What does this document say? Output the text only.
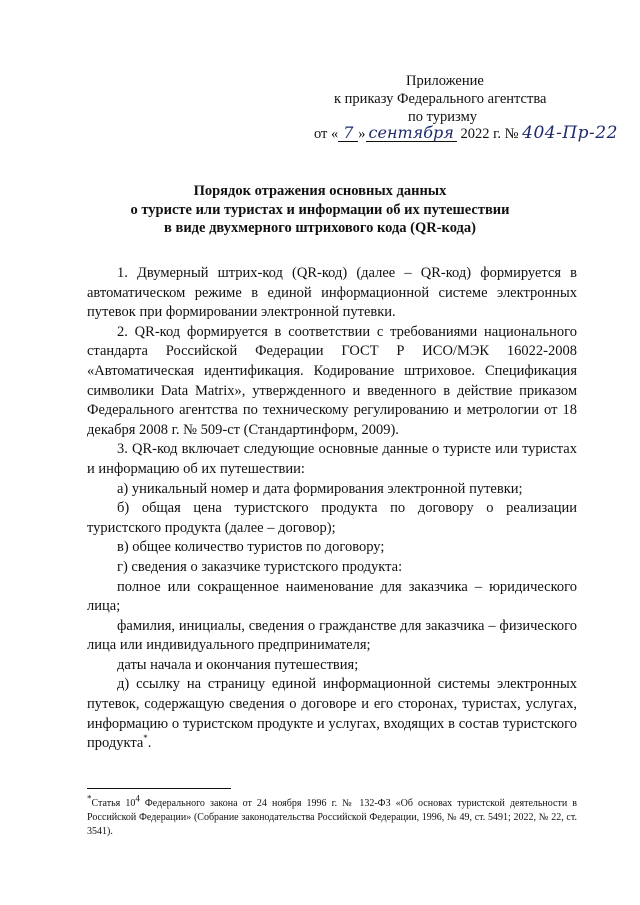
Приложение
к приказу Федерального агентства
по туризму
от « 7 » сентября 2022 г. № 404-Пр-22
Порядок отражения основных данных
о туристе или туристах и информации об их путешествии
в виде двухмерного штрихового кода (QR-кода)

1. Двумерный штрих-код (QR-код) (далее – QR-код) формируется в автоматическом режиме в единой информационной системе электронных путевок при формировании электронной путевки.

2. QR-код формируется в соответствии с требованиями национального стандарта Российской Федерации ГОСТ Р ИСО/МЭК 16022-2008 «Автоматическая идентификация. Кодирование штриховое. Спецификация символики Data Matrix», утвержденного и введенного в действие приказом Федерального агентства по техническому регулированию и метрологии от 18 декабря 2008 г. № 509-ст (Стандартинформ, 2009).

3. QR-код включает следующие основные данные о туристе или туристах и информацию об их путешествии:

а) уникальный номер и дата формирования электронной путевки;

б) общая цена туристского продукта по договору о реализации туристского продукта (далее – договор);

в) общее количество туристов по договору;

г) сведения о заказчике туристского продукта:

полное или сокращенное наименование для заказчика – юридического лица;

фамилия, инициалы, сведения о гражданстве для заказчика – физического лица или индивидуального предпринимателя;

даты начала и окончания путешествия;

д) ссылку на страницу единой информационной системы электронных путевок, содержащую сведения о договоре и его сторонах, туристах, услугах, информацию о туристском продукте и услугах, входящих в состав туристского продукта*.

*Статья 104 Федерального закона от 24 ноября 1996 г. № 132-ФЗ «Об основах туристской деятельности в Российской Федерации» (Собрание законодательства Российской Федерации, 1996, № 49, ст. 5491; 2022, № 22, ст. 3541).
